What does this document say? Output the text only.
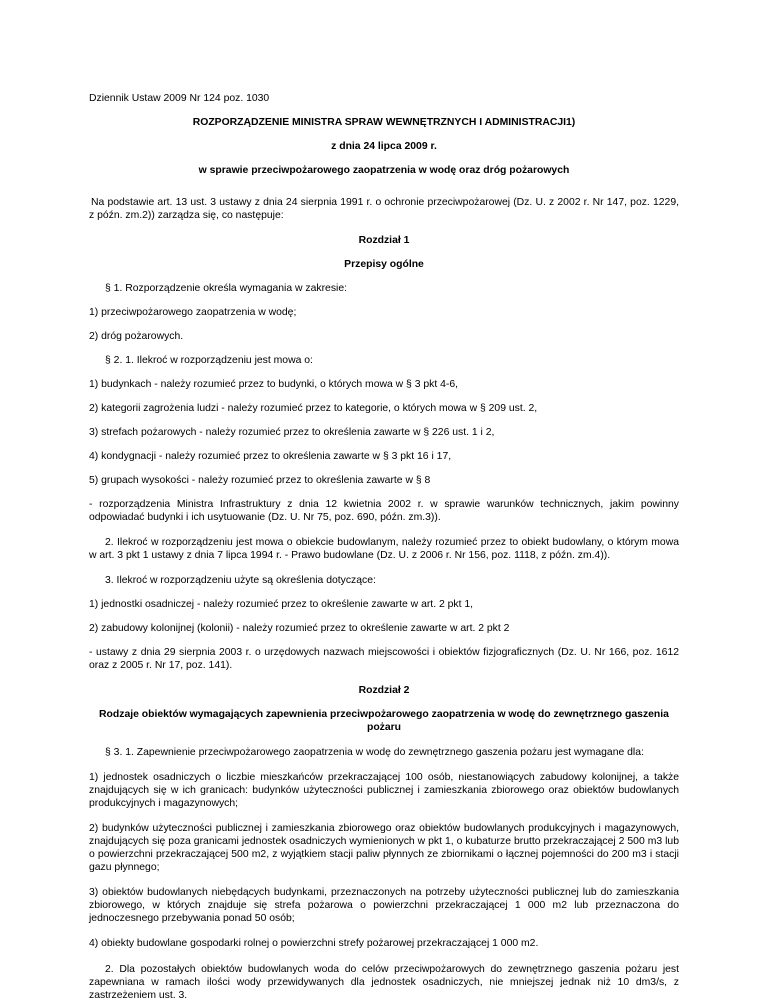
Dziennik Ustaw 2009 Nr 124 poz. 1030

ROZPORZĄDZENIE MINISTRA SPRAW WEWNĘTRZNYCH I ADMINISTRACJI1)

z dnia 24 lipca 2009 r.

w sprawie przeciwpożarowego zaopatrzenia w wodę oraz dróg pożarowych

Na podstawie art. 13 ust. 3 ustawy z dnia 24 sierpnia 1991 r. o ochronie przeciwpożarowej (Dz. U. z 2002 r. Nr 147, poz. 1229, z późn. zm.2)) zarządza się, co następuje:

Rozdział 1

Przepisy ogólne

§ 1. Rozporządzenie określa wymagania w zakresie:

1) przeciwpożarowego zaopatrzenia w wodę;

2) dróg pożarowych.

§ 2. 1. Ilekroć w rozporządzeniu jest mowa o:

1) budynkach - należy rozumieć przez to budynki, o których mowa w § 3 pkt 4-6,

2) kategorii zagrożenia ludzi - należy rozumieć przez to kategorie, o których mowa w § 209 ust. 2,

3) strefach pożarowych - należy rozumieć przez to określenia zawarte w § 226 ust. 1 i 2,

4) kondygnacji - należy rozumieć przez to określenia zawarte w § 3 pkt 16 i 17,

5) grupach wysokości - należy rozumieć przez to określenia zawarte w § 8

- rozporządzenia Ministra Infrastruktury z dnia 12 kwietnia 2002 r. w sprawie warunków technicznych, jakim powinny odpowiadać budynki i ich usytuowanie (Dz. U. Nr 75, poz. 690, późn. zm.3)).

2. Ilekroć w rozporządzeniu jest mowa o obiekcie budowlanym, należy rozumieć przez to obiekt budowlany, o którym mowa w art. 3 pkt 1 ustawy z dnia 7 lipca 1994 r. - Prawo budowlane (Dz. U. z 2006 r. Nr 156, poz. 1118, z późn. zm.4)).

3. Ilekroć w rozporządzeniu użyte są określenia dotyczące:

1) jednostki osadniczej - należy rozumieć przez to określenie zawarte w art. 2 pkt 1,

2) zabudowy kolonijnej (kolonii) - należy rozumieć przez to określenie zawarte w art. 2 pkt 2

- ustawy z dnia 29 sierpnia 2003 r. o urzędowych nazwach miejscowości i obiektów fizjograficznych (Dz. U. Nr 166, poz. 1612 oraz z 2005 r. Nr 17, poz. 141).

Rozdział 2

Rodzaje obiektów wymagających zapewnienia przeciwpożarowego zaopatrzenia w wodę do zewnętrznego gaszenia pożaru

§ 3. 1. Zapewnienie przeciwpożarowego zaopatrzenia w wodę do zewnętrznego gaszenia pożaru jest wymagane dla:

1) jednostek osadniczych o liczbie mieszkańców przekraczającej 100 osób, niestanowiących zabudowy kolonijnej, a także znajdujących się w ich granicach: budynków użyteczności publicznej i zamieszkania zbiorowego oraz obiektów budowlanych produkcyjnych i magazynowych;

2) budynków użyteczności publicznej i zamieszkania zbiorowego oraz obiektów budowlanych produkcyjnych i magazynowych, znajdujących się poza granicami jednostek osadniczych wymienionych w pkt 1, o kubaturze brutto przekraczającej 2 500 m3 lub o powierzchni przekraczającej 500 m2, z wyjątkiem stacji paliw płynnych ze zbiornikami o łącznej pojemności do 200 m3 i stacji gazu płynnego;

3) obiektów budowlanych niebędących budynkami, przeznaczonych na potrzeby użyteczności publicznej lub do zamieszkania zbiorowego, w których znajduje się strefa pożarowa o powierzchni przekraczającej 1 000 m2 lub przeznaczona do jednoczesnego przebywania ponad 50 osób;

4) obiekty budowlane gospodarki rolnej o powierzchni strefy pożarowej przekraczającej 1 000 m2.

2. Dla pozostałych obiektów budowlanych woda do celów przeciwpożarowych do zewnętrznego gaszenia pożaru jest zapewniana w ramach ilości wody przewidywanych dla jednostek osadniczych, nie mniejszej jednak niż 10 dm3/s, z zastrzeżeniem ust. 3.
